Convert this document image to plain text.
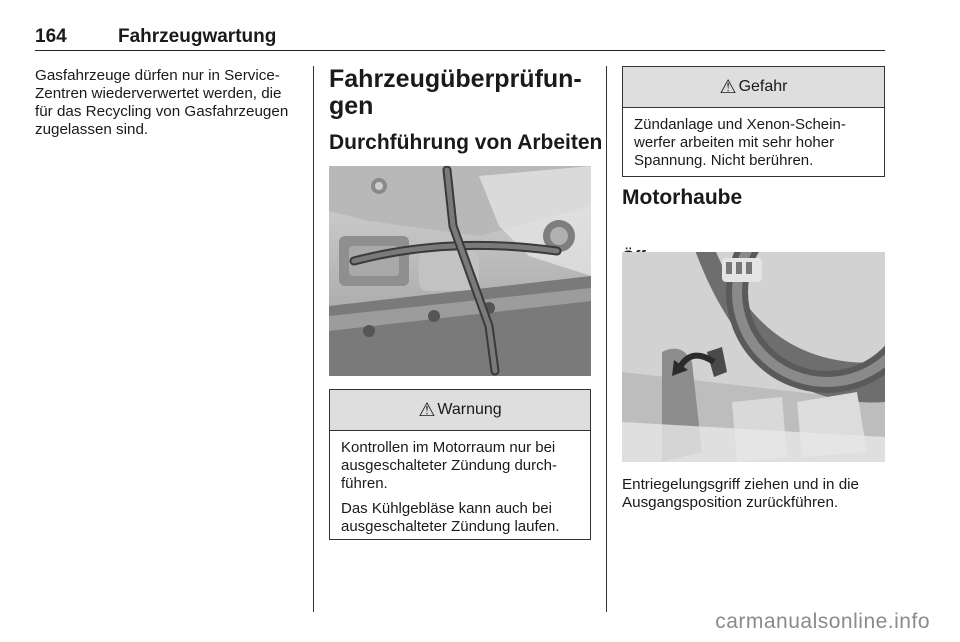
164	Fahrzeugwartung
Gasfahrzeuge dürfen nur in Service-
Zentren wiederverwertet werden, die
für das Recycling von Gasfahrzeugen
zugelassen sind.
Fahrzeugüberprüfun-
gen
Durchführung von Arbeiten
⚠ Warnung

Kontrollen im Motorraum nur bei
ausgeschalteter Zündung durch-
führen.

Das Kühlgebläse kann auch bei
ausgeschalteter Zündung laufen.

⚠ Gefahr
Zündanlage und Xenon-Schein-
werfer arbeiten mit sehr hoher
Spannung. Nicht berühren.
Motorhaube
Entriegelungsgriff ziehen und in die
Ausgangsposition zurückführen.
carmanualsonline.info
